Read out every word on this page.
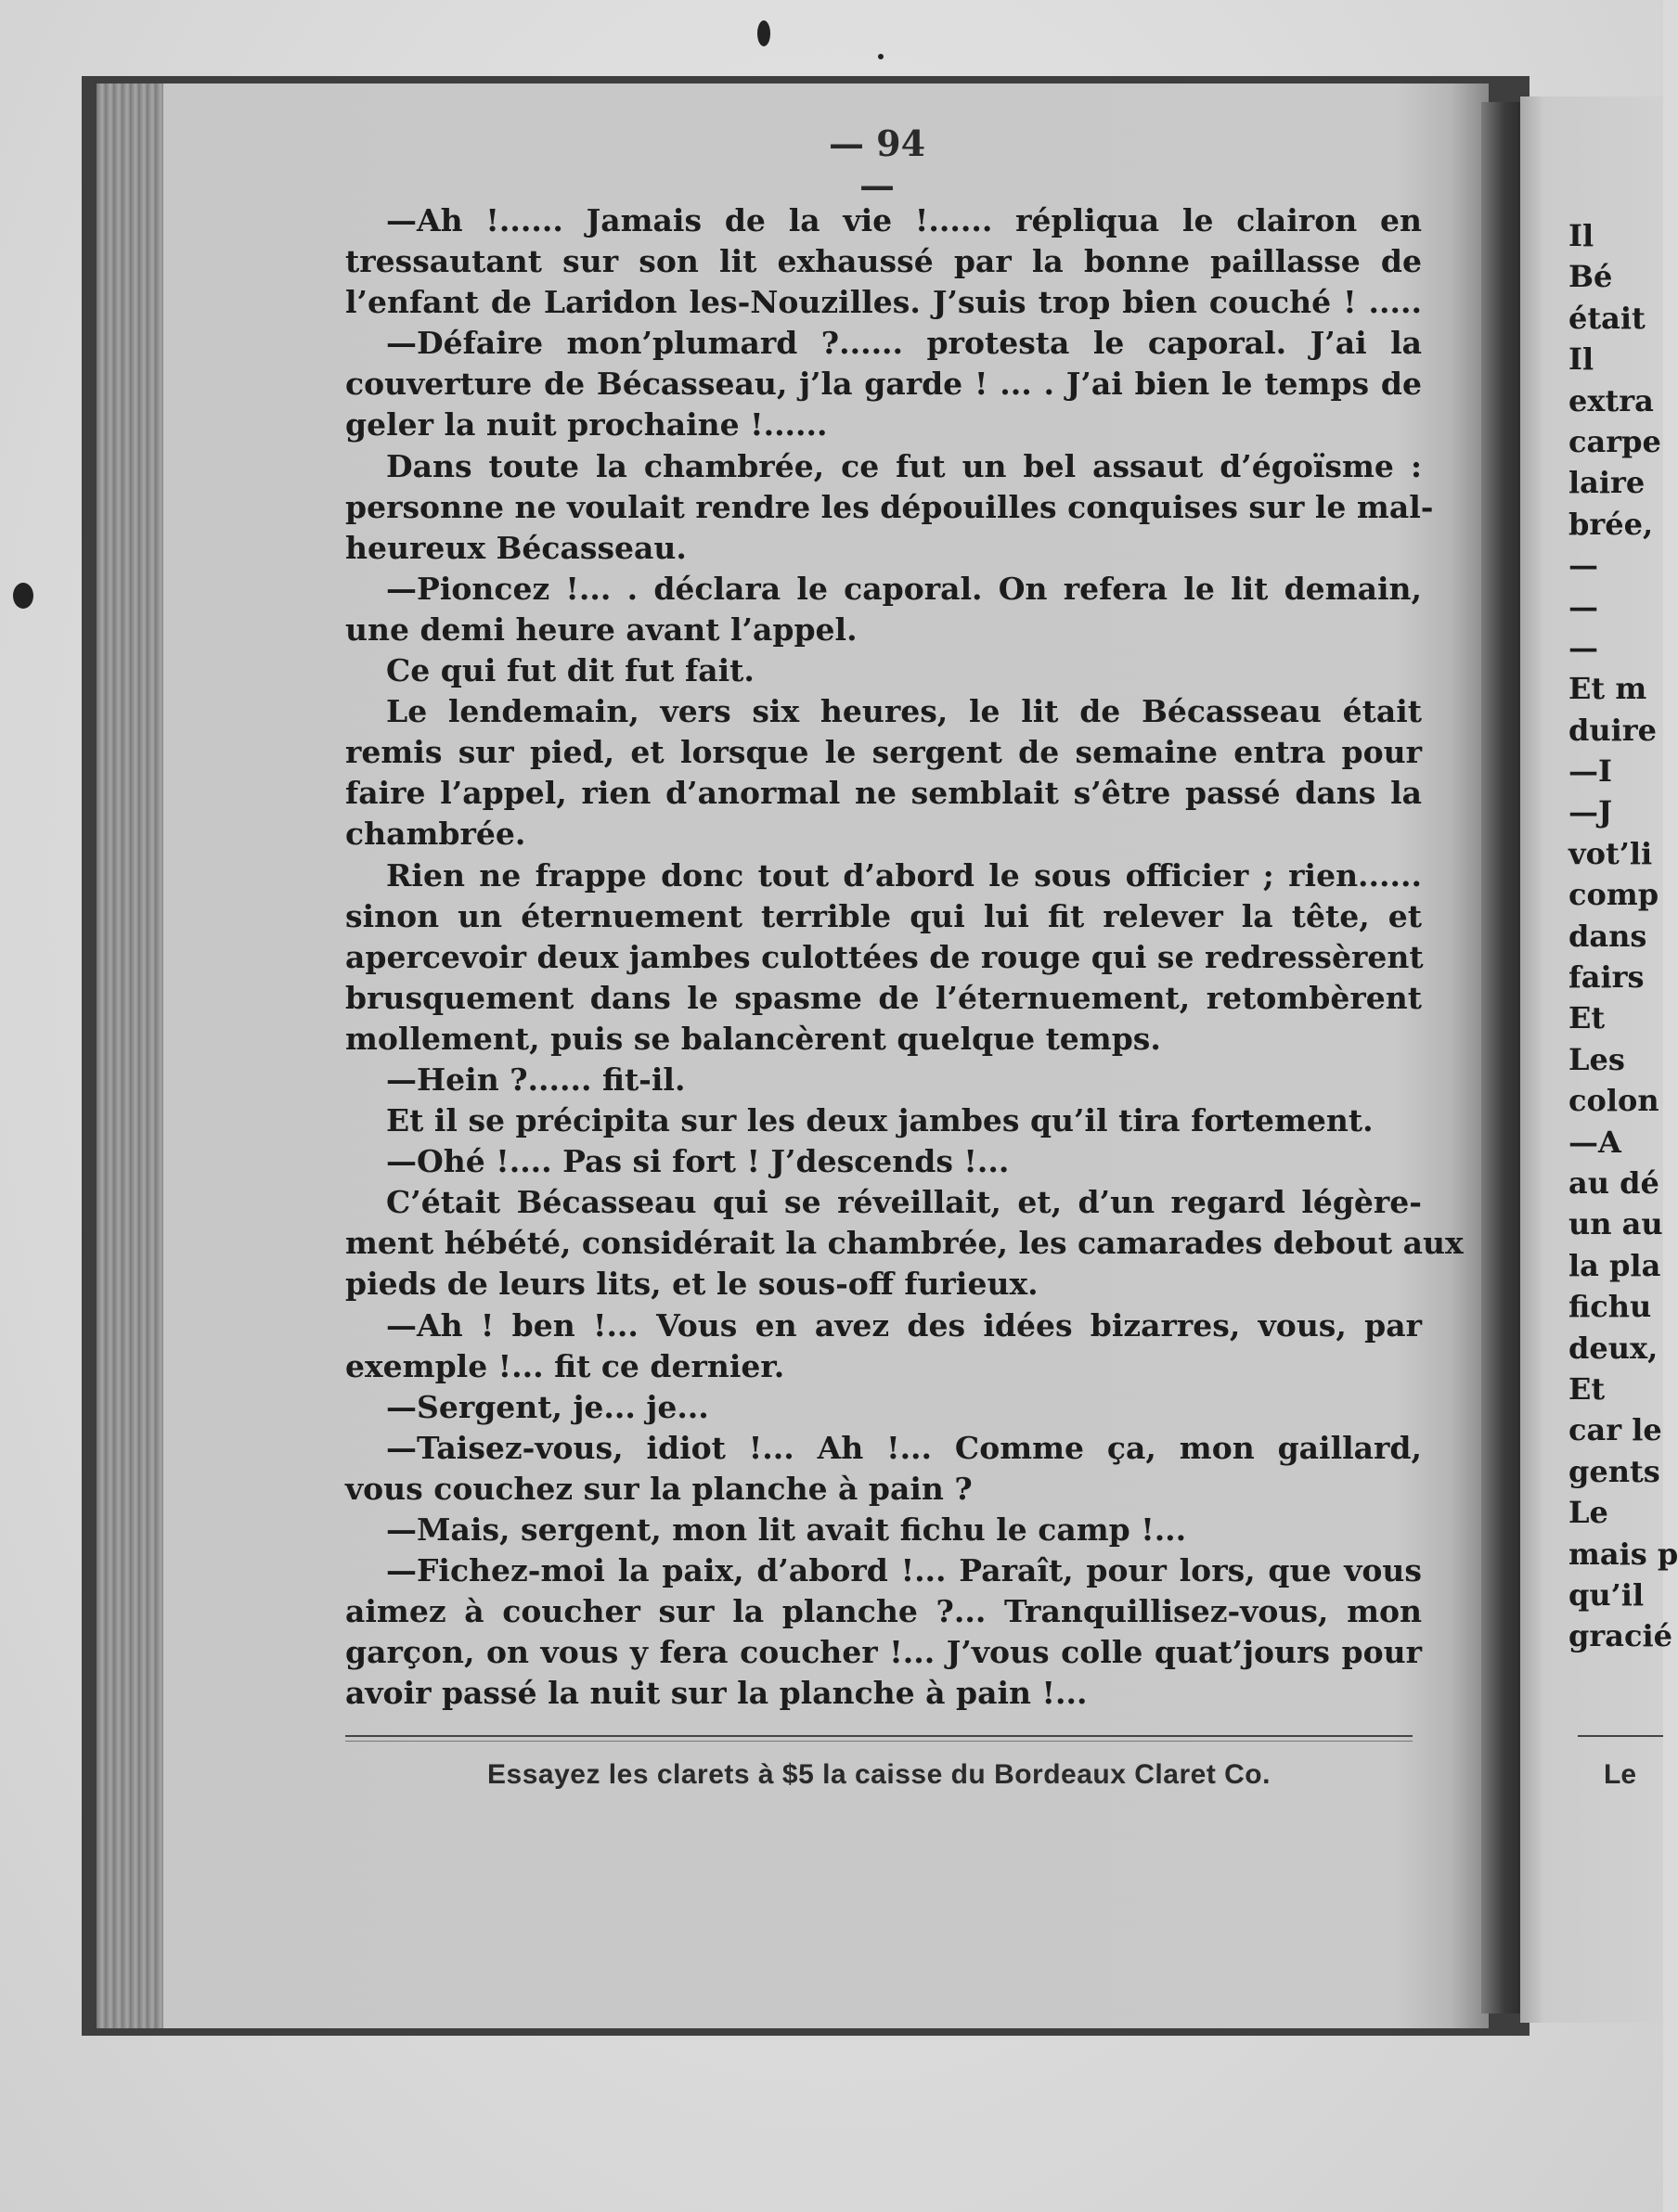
— 94 —
—Ah !...... Jamais de la vie !...... répliqua le clairon en
tressautant sur son lit exhaussé par la bonne paillasse de
l’enfant de Laridon les-Nouzilles. J’suis trop bien couché ! .....
—Défaire mon’plumard ?...... protesta le caporal. J’ai la
couverture de Bécasseau, j’la garde ! ... . J’ai bien le temps de
geler la nuit prochaine !......
Dans toute la chambrée, ce fut un bel assaut d’égoïsme :
personne ne voulait rendre les dépouilles conquises sur le mal-
heureux Bécasseau.
—Pioncez !... . déclara le caporal. On refera le lit demain,
une demi heure avant l’appel.
Ce qui fut dit fut fait.
Le lendemain, vers six heures, le lit de Bécasseau était
remis sur pied, et lorsque le sergent de semaine entra pour
faire l’appel, rien d’anormal ne semblait s’être passé dans la
chambrée.
Rien ne frappe donc tout d’abord le sous officier ; rien......
sinon un éternuement terrible qui lui fit relever la tête, et
apercevoir deux jambes culottées de rouge qui se redressèrent
brusquement dans le spasme de l’éternuement, retombèrent
mollement, puis se balancèrent quelque temps.
—Hein ?...... fit-il.
Et il se précipita sur les deux jambes qu’il tira fortement.
—Ohé !.... Pas si fort ! J’descends !...
C’était Bécasseau qui se réveillait, et, d’un regard légère-
ment hébété, considérait la chambrée, les camarades debout aux
pieds de leurs lits, et le sous-off furieux.
—Ah ! ben !... Vous en avez des idées bizarres, vous, par
exemple !... fit ce dernier.
—Sergent, je... je...
—Taisez-vous, idiot !... Ah !... Comme ça, mon gaillard,
vous couchez sur la planche à pain ?
—Mais, sergent, mon lit avait fichu le camp !...
—Fichez-moi la paix, d’abord !... Paraît, pour lors, que vous
aimez à coucher sur la planche ?... Tranquillisez-vous, mon
garçon, on vous y fera coucher !... J’vous colle quat’jours pour
avoir passé la nuit sur la planche à pain !...
Essayez les clarets à $5 la caisse du Bordeaux Claret Co.
Il
Bé
était
Il
extra
carpe
laire
brée,
—
—
—
Et m
duire
—I
—J
vot’li
comp
dans
fairs
Et
Les
colon
—A
au dé
un au
la pla
fichu
deux,
Et
car le
gents
Le
mais p
qu’il
gracié
Le
